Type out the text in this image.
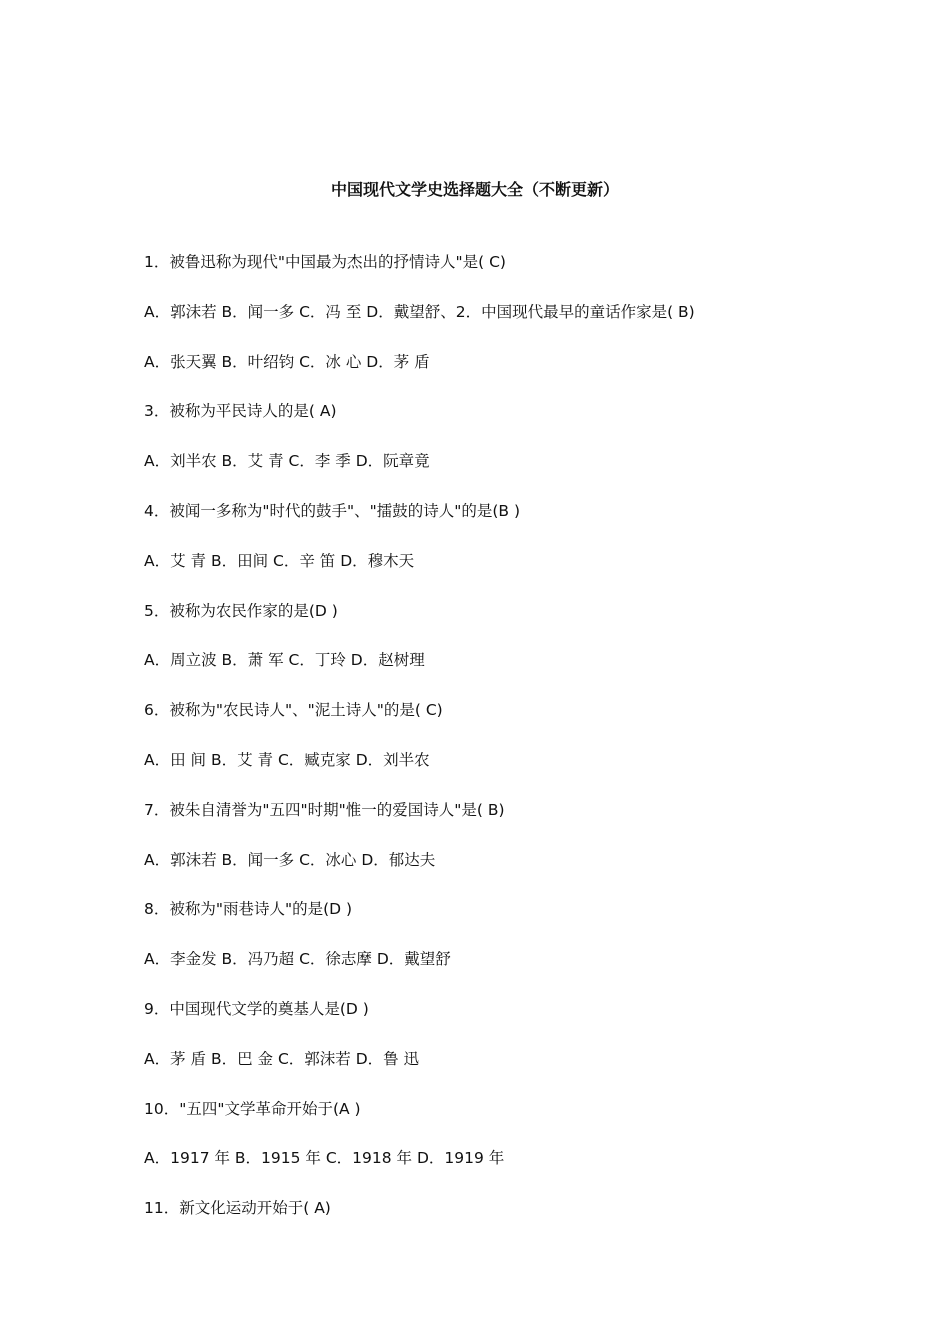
中国现代文学史选择题大全（不断更新）
1．被鲁迅称为现代"中国最为杰出的抒情诗人"是( C)
A．郭沫若 B．闻一多 C．冯 至 D．戴望舒、2．中国现代最早的童话作家是( B)
A．张天翼 B．叶绍钧 C．冰 心 D．茅 盾
3．被称为平民诗人的是( A)
A．刘半农 B．艾 青 C．李 季 D．阮章竟
4．被闻一多称为"时代的鼓手"、"擂鼓的诗人"的是(B )
A．艾 青 B．田间 C．辛 笛 D．穆木天
5．被称为农民作家的是(D )
A．周立波 B．萧 军 C．丁玲 D．赵树理
6．被称为"农民诗人"、"泥土诗人"的是( C)
A．田 间 B．艾 青 C．臧克家 D．刘半农
7．被朱自清誉为"五四"时期"惟一的爱国诗人"是( B)
A．郭沫若 B．闻一多 C．冰心 D．郁达夫
8．被称为"雨巷诗人"的是(D )
A．李金发 B．冯乃超 C．徐志摩 D．戴望舒
9．中国现代文学的奠基人是(D )
A．茅 盾 B．巴 金 C．郭沫若 D．鲁 迅
10．"五四"文学革命开始于(A )
A．1917 年 B．1915 年 C．1918 年 D．1919 年
11．新文化运动开始于( A)
